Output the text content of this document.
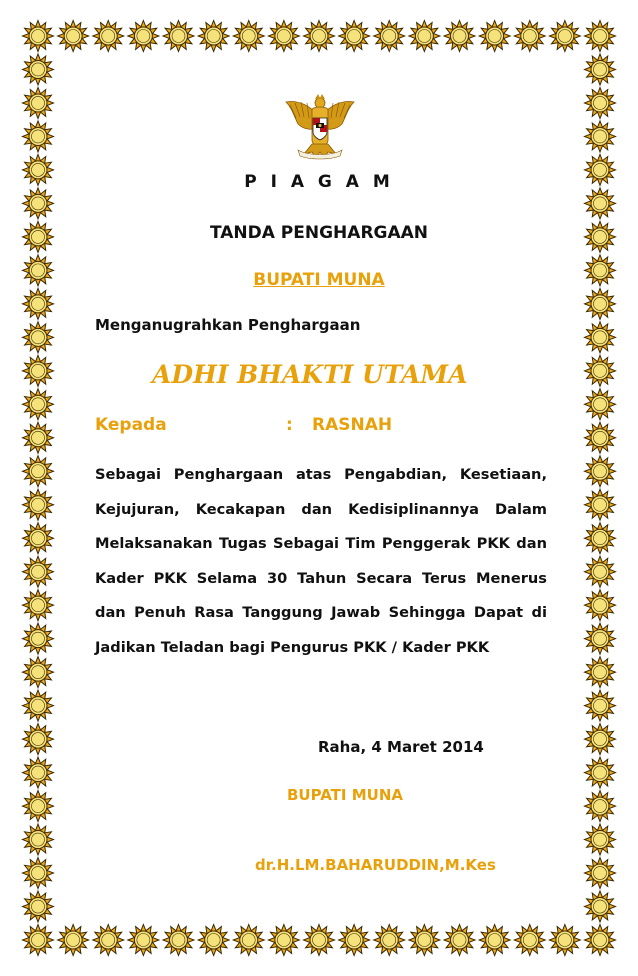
P I A G A M
TANDA PENGHARGAAN
BUPATI MUNA
Menganugrahkan Penghargaan
ADHI BHAKTI UTAMA
Kepada	: RASNAH
Sebagai Penghargaan atas Pengabdian, Kesetiaan, Kejujuran, Kecakapan dan Kedisiplinannya Dalam Melaksanakan Tugas Sebagai Tim Penggerak PKK dan Kader PKK Selama 30 Tahun Secara Terus Menerus dan Penuh Rasa Tanggung Jawab Sehingga Dapat di Jadikan Teladan bagi Pengurus PKK / Kader PKK
Raha, 4 Maret 2014
BUPATI MUNA
dr.H.LM.BAHARUDDIN,M.Kes
